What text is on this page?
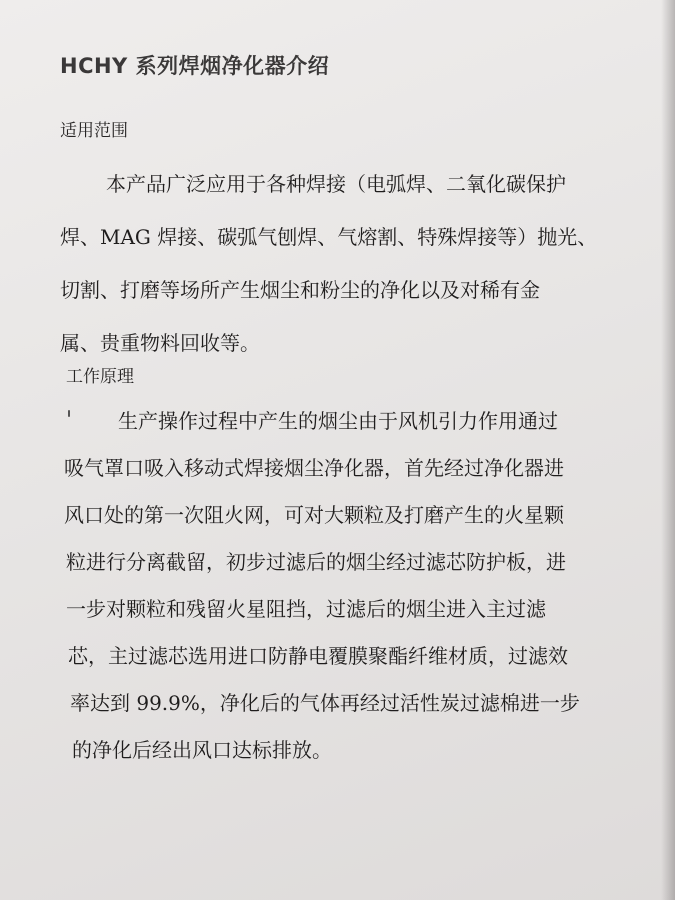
HCHY 系列焊烟净化器介绍
适用范围

本产品广泛应用于各种焊接（电弧焊、二氧化碳保护
焊、MAG 焊接、碳弧气刨焊、气熔割、特殊焊接等）抛光、
切割、打磨等场所产生烟尘和粉尘的净化以及对稀有金
属、贵重物料回收等。

工作原理

生产操作过程中产生的烟尘由于风机引力作用通过
吸气罩口吸入移动式焊接烟尘净化器，首先经过净化器进
风口处的第一次阻火网，可对大颗粒及打磨产生的火星颗
粒进行分离截留，初步过滤后的烟尘经过滤芯防护板，进
一步对颗粒和残留火星阻挡，过滤后的烟尘进入主过滤
芯，主过滤芯选用进口防静电覆膜聚酯纤维材质，过滤效
率达到 99.9%，净化后的气体再经过活性炭过滤棉进一步
的净化后经出风口达标排放。
